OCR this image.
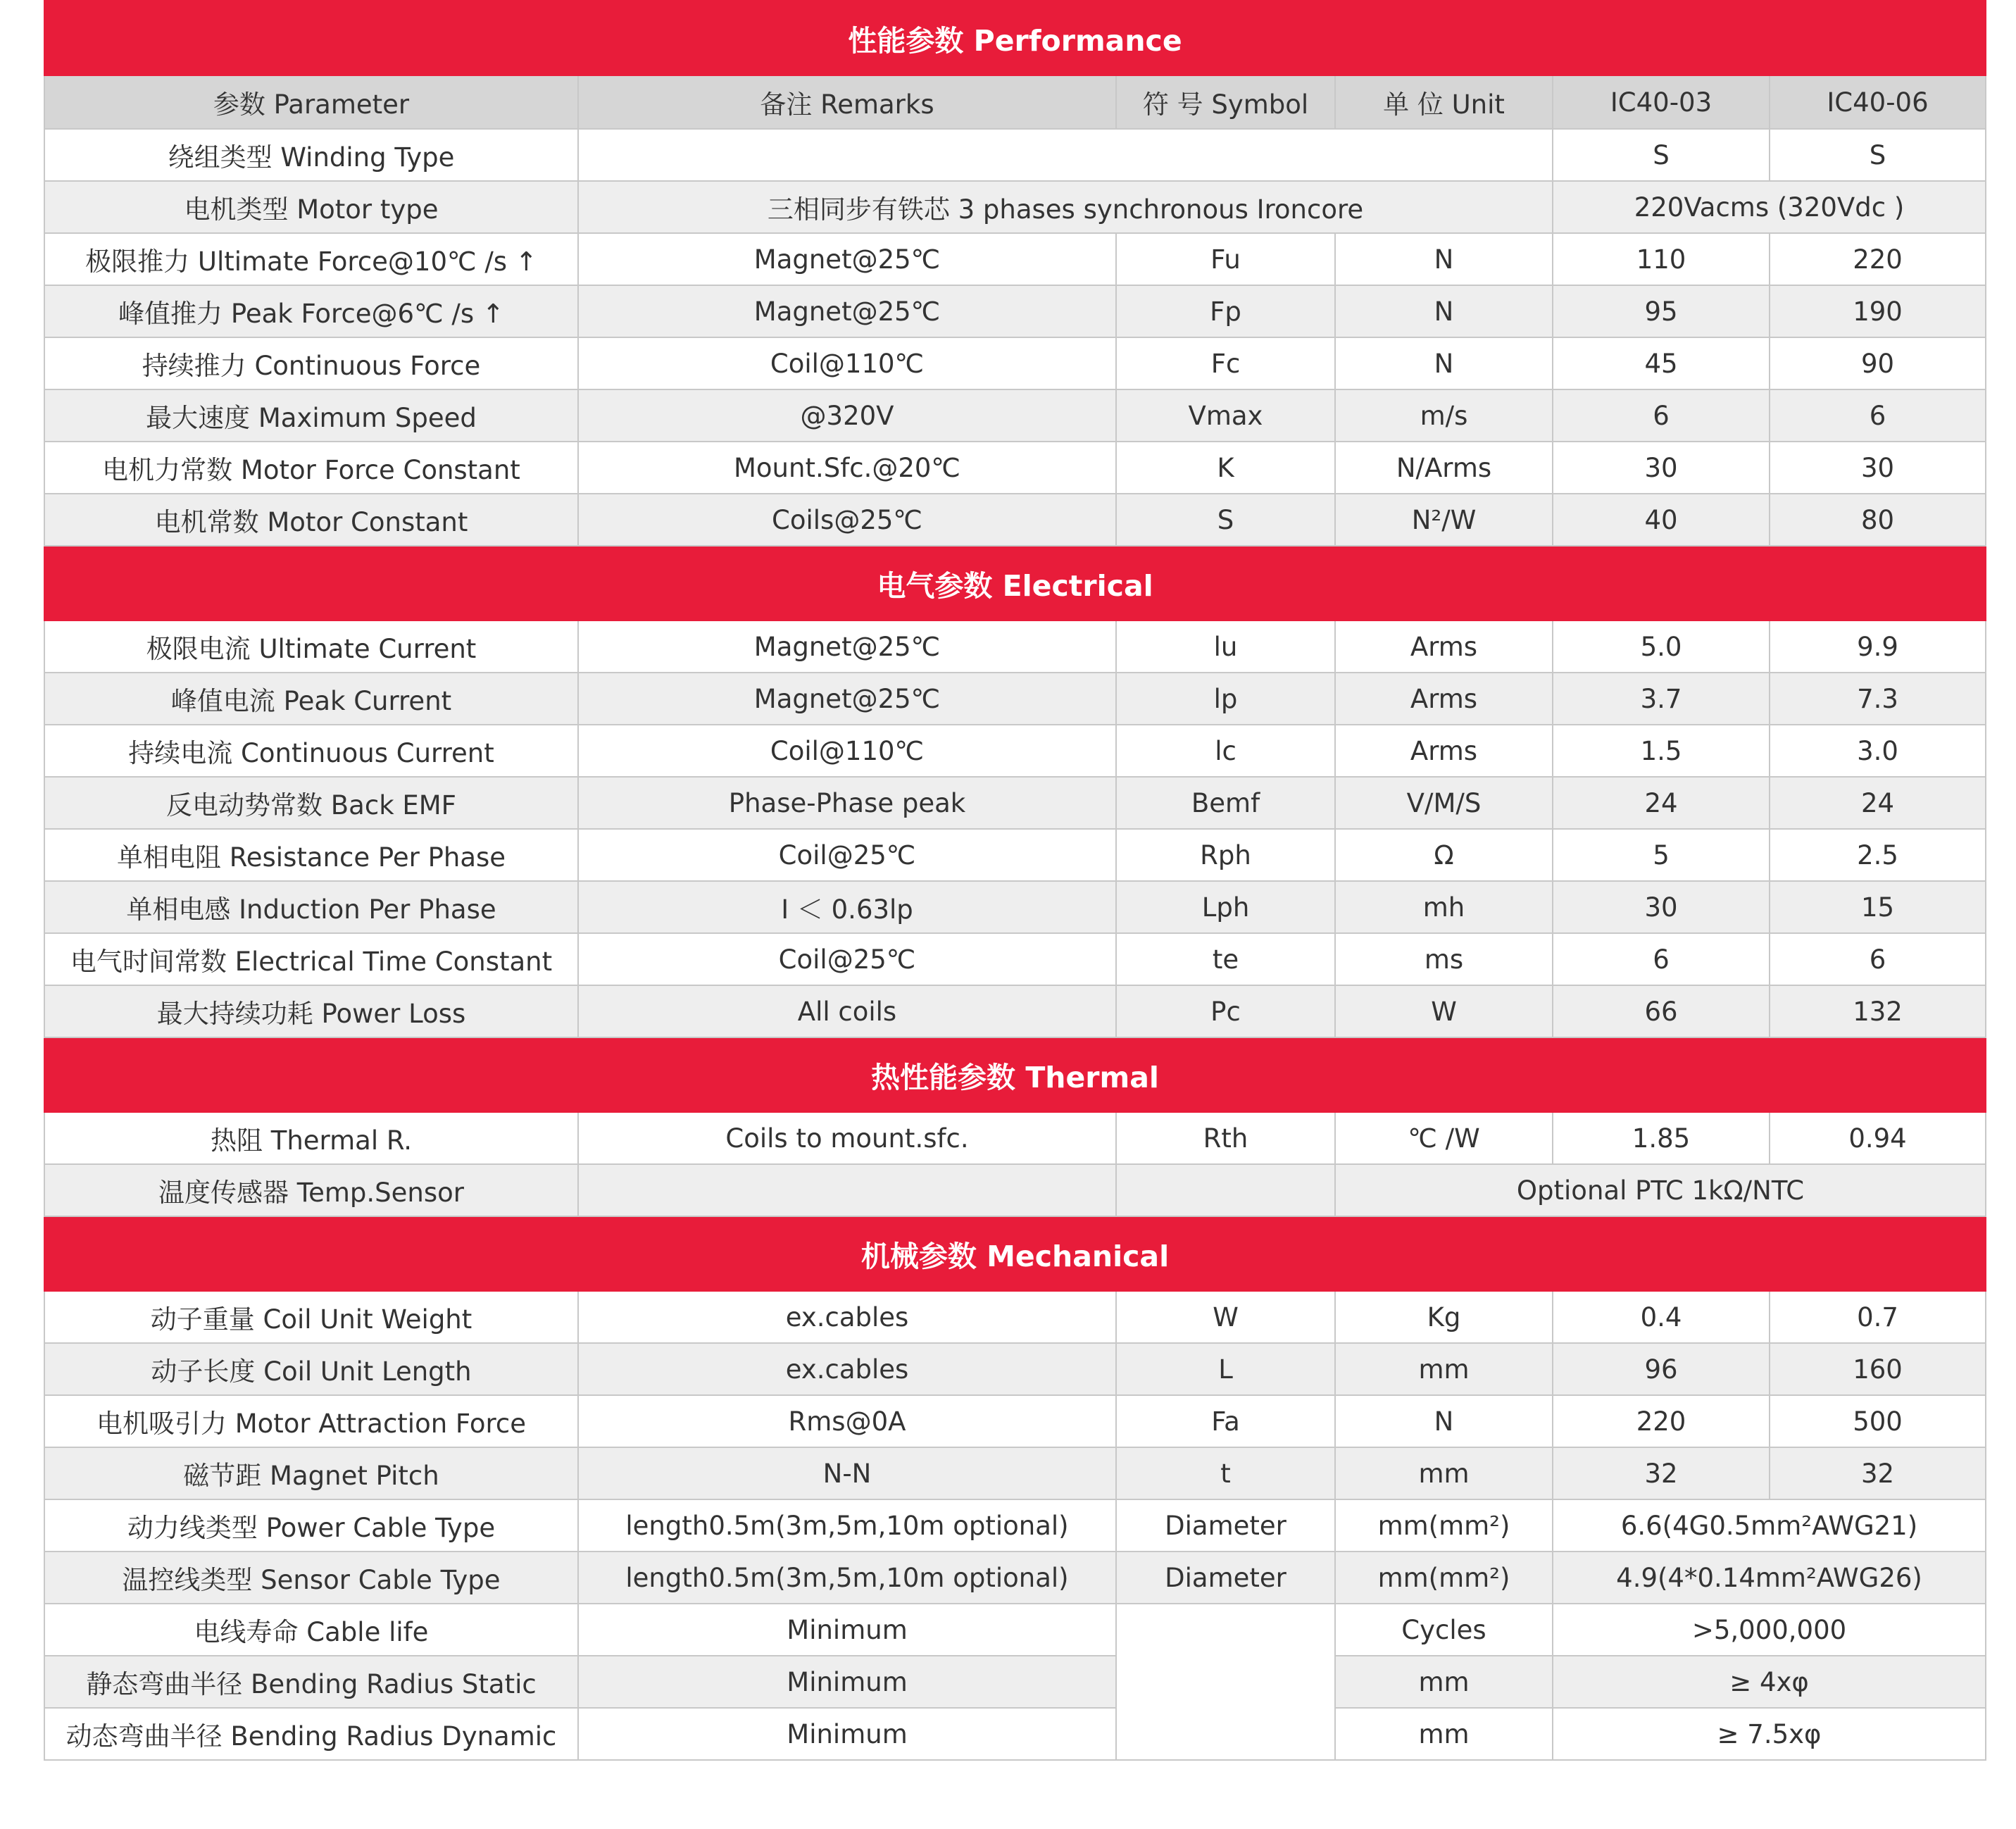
性能参数 Performance					
参数 Parameter	备注 Remarks	符 号 Symbol	单 位 Unit	IC40-03	IC40-06
绕组类型 Winding Type				S	S
电机类型 Motor type	三相同步有铁芯 3 phases synchronous Ironcore			220Vacms (320Vdc )	
极限推力 Ultimate Force@10℃ /s ↑	Magnet@25℃	Fu	N	110	220
峰值推力 Peak Force@6℃ /s ↑	Magnet@25℃	Fp	N	95	190
持续推力 Continuous Force	Coil@110℃	Fc	N	45	90
最大速度 Maximum Speed	@320V	Vmax	m/s	6	6
电机力常数 Motor Force Constant	Mount.Sfc.@20℃	K	N/Arms	30	30
电机常数 Motor Constant	Coils@25℃	S	N²/W	40	80
电气参数 Electrical					
极限电流 Ultimate Current	Magnet@25℃	lu	Arms	5.0	9.9
峰值电流 Peak Current	Magnet@25℃	lp	Arms	3.7	7.3
持续电流 Continuous Current	Coil@110℃	lc	Arms	1.5	3.0
反电动势常数 Back EMF	Phase-Phase peak	Bemf	V/M/S	24	24
单相电阻 Resistance Per Phase	Coil@25℃	Rph	Ω	5	2.5
单相电感 Induction Per Phase	I ＜ 0.63lp	Lph	mh	30	15
电气时间常数 Electrical Time Constant	Coil@25℃	te	ms	6	6
最大持续功耗 Power Loss	All coils	Pc	W	66	132
热性能参数 Thermal					
热阻 Thermal R.	Coils to mount.sfc.	Rth	℃ /W	1.85	0.94
温度传感器 Temp.Sensor			Optional PTC 1kΩ/NTC		
机械参数 Mechanical					
动子重量 Coil Unit Weight	ex.cables	W	Kg	0.4	0.7
动子长度 Coil Unit Length	ex.cables	L	mm	96	160
电机吸引力 Motor Attraction Force	Rms@0A	Fa	N	220	500
磁节距 Magnet Pitch	N-N	t	mm	32	32
动力线类型 Power Cable Type	length0.5m(3m,5m,10m optional)	Diameter	mm(mm²)	6.6(4G0.5mm²AWG21)	
温控线类型 Sensor Cable Type	length0.5m(3m,5m,10m optional)	Diameter	mm(mm²)	4.9(4*0.14mm²AWG26)	
电线寿命 Cable life	Minimum		Cycles	>5,000,000	
静态弯曲半径 Bending Radius Static	Minimum		mm	≥ 4xφ	
动态弯曲半径 Bending Radius Dynamic	Minimum		mm	≥ 7.5xφ	
